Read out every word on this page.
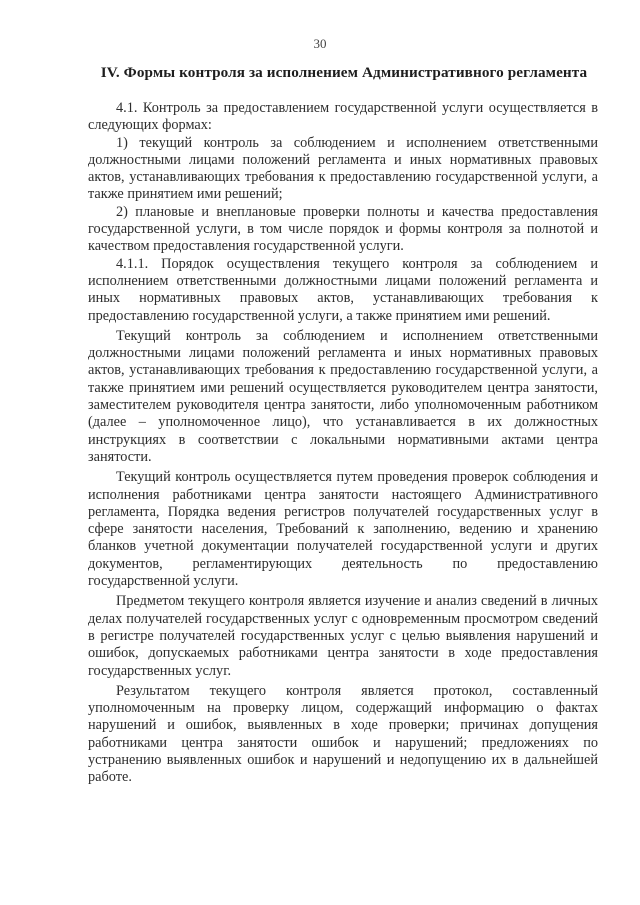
30
IV. Формы контроля за исполнением Административного регламента

4.1. Контроль за предоставлением государственной услуги осуществляется в следующих формах:

1) текущий контроль за соблюдением и исполнением ответственными должностными лицами положений регламента и иных нормативных правовых актов, устанавливающих требования к предоставлению государственной услуги, а также принятием ими решений;

2) плановые и внеплановые проверки полноты и качества предоставления государственной услуги, в том числе порядок и формы контроля за полнотой и качеством предоставления государственной услуги.

4.1.1. Порядок осуществления текущего контроля за соблюдением и исполнением ответственными должностными лицами положений регламента и иных нормативных правовых актов, устанавливающих требования к предоставлению государственной услуги, а также принятием ими решений.

Текущий контроль за соблюдением и исполнением ответственными должностными лицами положений регламента и иных нормативных правовых актов, устанавливающих требования к предоставлению государственной услуги, а также принятием ими решений осуществляется руководителем центра занятости, заместителем руководителя центра занятости, либо уполномоченным работником (далее – уполномоченное лицо), что устанавливается в их должностных инструкциях в соответствии с локальными нормативными актами центра занятости.

Текущий контроль осуществляется путем проведения проверок соблюдения и исполнения работниками центра занятости настоящего Административного регламента, Порядка ведения регистров получателей государственных услуг в сфере занятости населения, Требований к заполнению, ведению и хранению бланков учетной документации получателей государственной услуги и других документов, регламентирующих деятельность по предоставлению государственной услуги.

Предметом текущего контроля является изучение и анализ сведений в личных делах получателей государственных услуг с одновременным просмотром сведений в регистре получателей государственных услуг с целью выявления нарушений и ошибок, допускаемых работниками центра занятости в ходе предоставления государственных услуг.

Результатом текущего контроля является протокол, составленный уполномоченным на проверку лицом, содержащий информацию о фактах нарушений и ошибок, выявленных в ходе проверки; причинах допущения работниками центра занятости ошибок и нарушений; предложениях по устранению выявленных ошибок и нарушений и недопущению их в дальнейшей работе.
